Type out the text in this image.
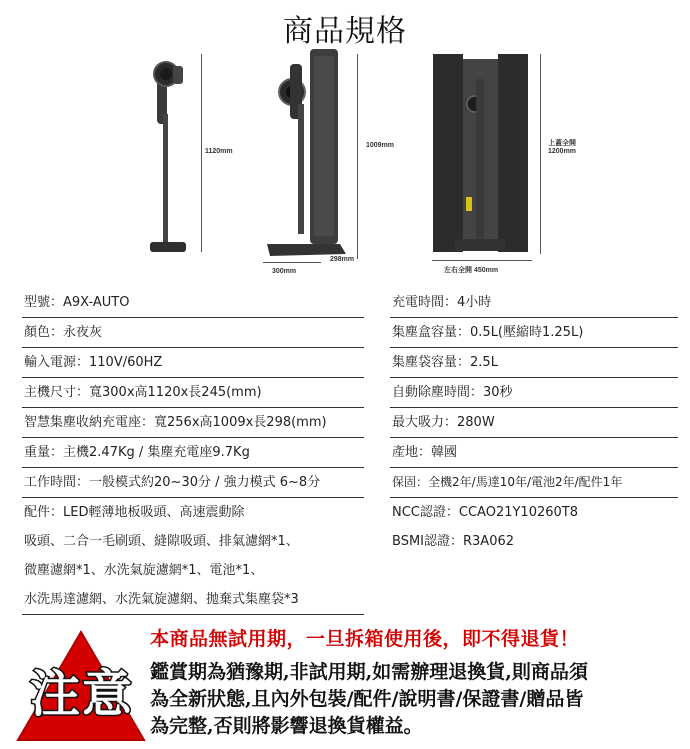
商品規格
1120mm
1009mm
300mm
298mm
上蓋全開
1200mm
左右全開 450mm
型號：A9X-AUTO
顏色：永夜灰
輸入電源：110V/60HZ
主機尺寸：寬300x高1120x長245(mm)
智慧集塵收納充電座：寬256x高1009x長298(mm)
重量：主機2.47Kg / 集塵充電座9.7Kg
工作時間：一般模式約20~30分 / 強力模式 6~8分
配件：LED輕薄地板吸頭、高速震動除
吸頭、二合一毛刷頭、縫隙吸頭、排氣濾網*1、
微塵濾網*1、水洗氣旋濾網*1、電池*1、
水洗馬達濾網、水洗氣旋濾網、拋棄式集塵袋*3
充電時間：4小時
集塵盒容量：0.5L(壓縮時1.25L)
集塵袋容量：2.5L
自動除塵時間：30秒
最大吸力：280W
產地：韓國
保固：全機2年/馬達10年/電池2年/配件1年
NCC認證：CCAO21Y10260T8
BSMI認證：R3A062
注意
本商品無試用期，一旦拆箱使用後，即不得退貨！
鑑賞期為猶豫期,非試用期,如需辦理退換貨,則商品須
為全新狀態,且內外包裝/配件/說明書/保證書/贈品皆
為完整,否則將影響退換貨權益。
